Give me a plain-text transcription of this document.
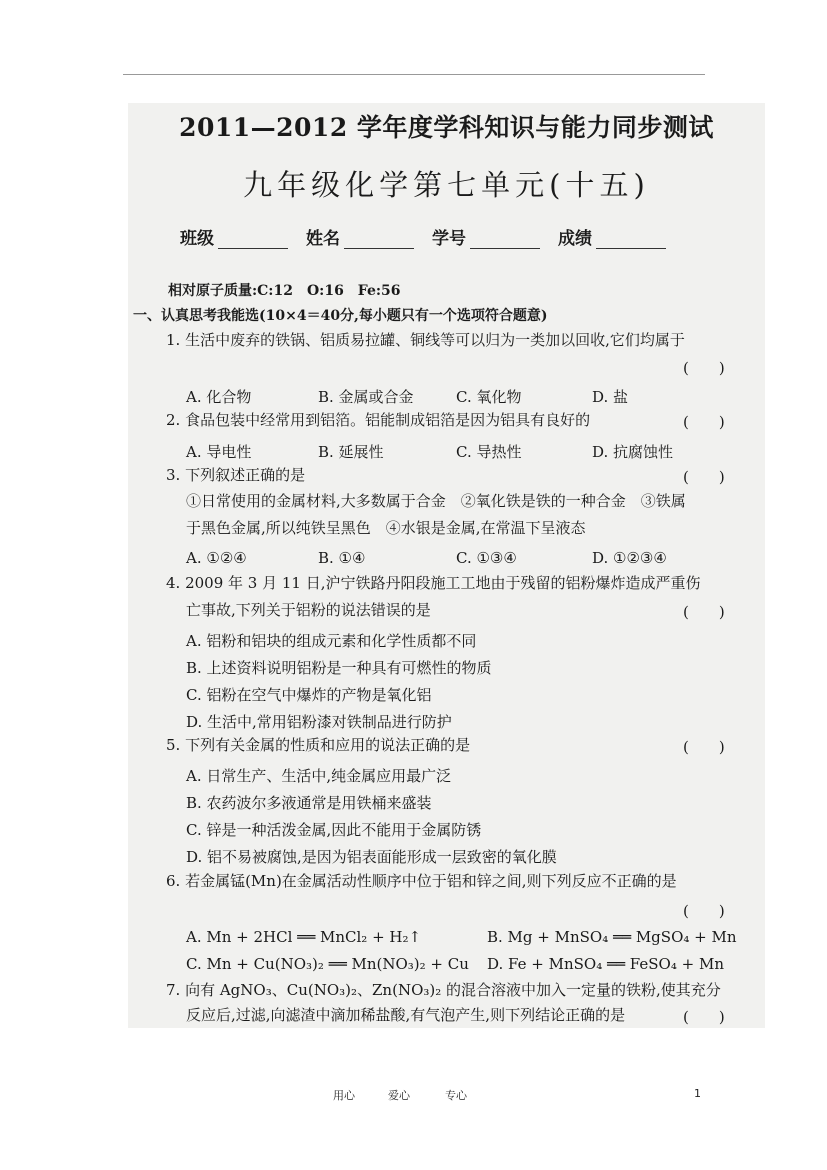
2011—2012 学年度学科知识与能力同步测试
九年级化学第七单元(十五)
班级	姓名	学号	成绩
相对原子质量:C:12　O:16　Fe:56
一、认真思考我能选(10×4＝40分,每小题只有一个选项符合题意)
1. 生活中废弃的铁锅、铝质易拉罐、铜线等可以归为一类加以回收,它们均属于
(　　)
A. 化合物	B. 金属或合金	C. 氧化物	D. 盐
2. 食品包装中经常用到铝箔。铝能制成铝箔是因为铝具有良好的	(　　)
A. 导电性	B. 延展性	C. 导热性	D. 抗腐蚀性
3. 下列叙述正确的是	(　　)
①日常使用的金属材料,大多数属于合金　②氧化铁是铁的一种合金　③铁属
于黑色金属,所以纯铁呈黑色　④水银是金属,在常温下呈液态
A. ①②④	B. ①④	C. ①③④	D. ①②③④
4. 2009 年 3 月 11 日,沪宁铁路丹阳段施工工地由于残留的铝粉爆炸造成严重伤
亡事故,下列关于铝粉的说法错误的是	(　　)
A. 铝粉和铝块的组成元素和化学性质都不同
B. 上述资料说明铝粉是一种具有可燃性的物质
C. 铝粉在空气中爆炸的产物是氧化铝
D. 生活中,常用铝粉漆对铁制品进行防护
5. 下列有关金属的性质和应用的说法正确的是	(　　)
A. 日常生产、生活中,纯金属应用最广泛
B. 农药波尔多液通常是用铁桶来盛装
C. 锌是一种活泼金属,因此不能用于金属防锈
D. 铝不易被腐蚀,是因为铝表面能形成一层致密的氧化膜
6. 若金属锰(Mn)在金属活动性顺序中位于铝和锌之间,则下列反应不正确的是
(　　)
A. Mn + 2HCl ══ MnCl₂ + H₂↑	B. Mg + MnSO₄ ══ MgSO₄ + Mn
C. Mn + Cu(NO₃)₂ ══ Mn(NO₃)₂ + Cu D. Fe + MnSO₄ ══ FeSO₄ + Mn
7. 向有 AgNO₃、Cu(NO₃)₂、Zn(NO₃)₂ 的混合溶液中加入一定量的铁粉,使其充分
反应后,过滤,向滤渣中滴加稀盐酸,有气泡产生,则下列结论正确的是	(　　)
用心	爱心	专心	1
